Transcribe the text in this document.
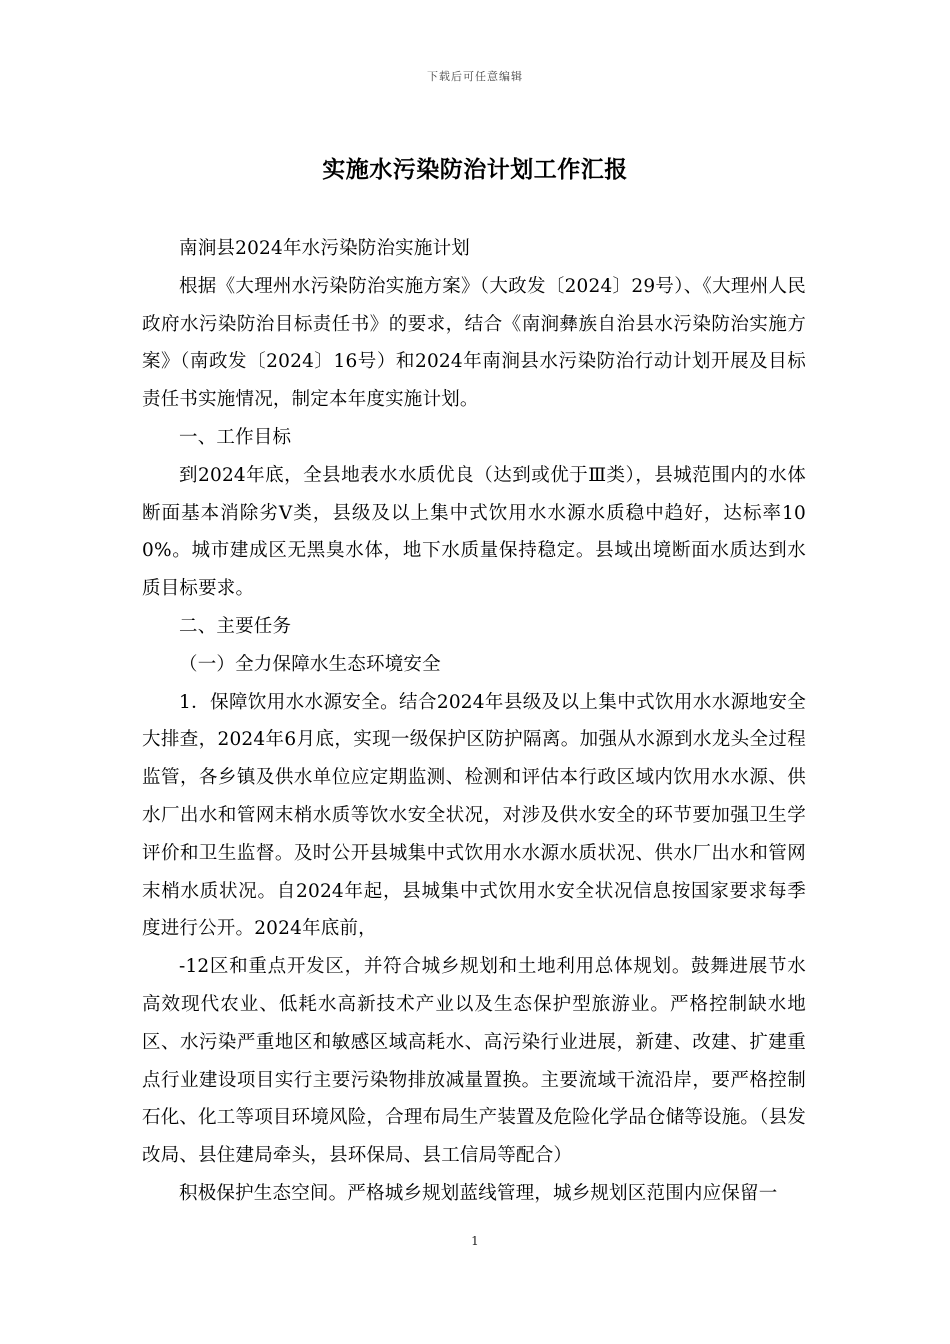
下载后可任意编辑
实施水污染防治计划工作汇报

南涧县2024年水污染防治实施计划

根据《大理州水污染防治实施方案》（大政发〔2024〕29号）、《大理州人民政府水污染防治目标责任书》的要求，结合《南涧彝族自治县水污染防治实施方案》（南政发〔2024〕16号）和2024年南涧县水污染防治行动计划开展及目标责任书实施情况，制定本年度实施计划。

一、工作目标

到2024年底，全县地表水水质优良（达到或优于Ⅲ类），县城范围内的水体断面基本消除劣Ⅴ类，县级及以上集中式饮用水水源水质稳中趋好，达标率100%。城市建成区无黑臭水体，地下水质量保持稳定。县域出境断面水质达到水质目标要求。

二、主要任务

（一）全力保障水生态环境安全

1．保障饮用水水源安全。结合2024年县级及以上集中式饮用水水源地安全大排查，2024年6月底，实现一级保护区防护隔离。加强从水源到水龙头全过程监管，各乡镇及供水单位应定期监测、检测和评估本行政区域内饮用水水源、供水厂出水和管网末梢水质等饮水安全状况，对涉及供水安全的环节要加强卫生学评价和卫生监督。及时公开县城集中式饮用水水源水质状况、供水厂出水和管网末梢水质状况。自2024年起，县城集中式饮用水安全状况信息按国家要求每季度进行公开。2024年底前，

-12区和重点开发区，并符合城乡规划和土地利用总体规划。鼓舞进展节水高效现代农业、低耗水高新技术产业以及生态保护型旅游业。严格控制缺水地区、水污染严重地区和敏感区域高耗水、高污染行业进展，新建、改建、扩建重点行业建设项目实行主要污染物排放减量置换。主要流域干流沿岸，要严格控制石化、化工等项目环境风险，合理布局生产装置及危险化学品仓储等设施。（县发改局、县住建局牵头，县环保局、县工信局等配合）

积极保护生态空间。严格城乡规划蓝线管理，城乡规划区范围内应保留一

1
